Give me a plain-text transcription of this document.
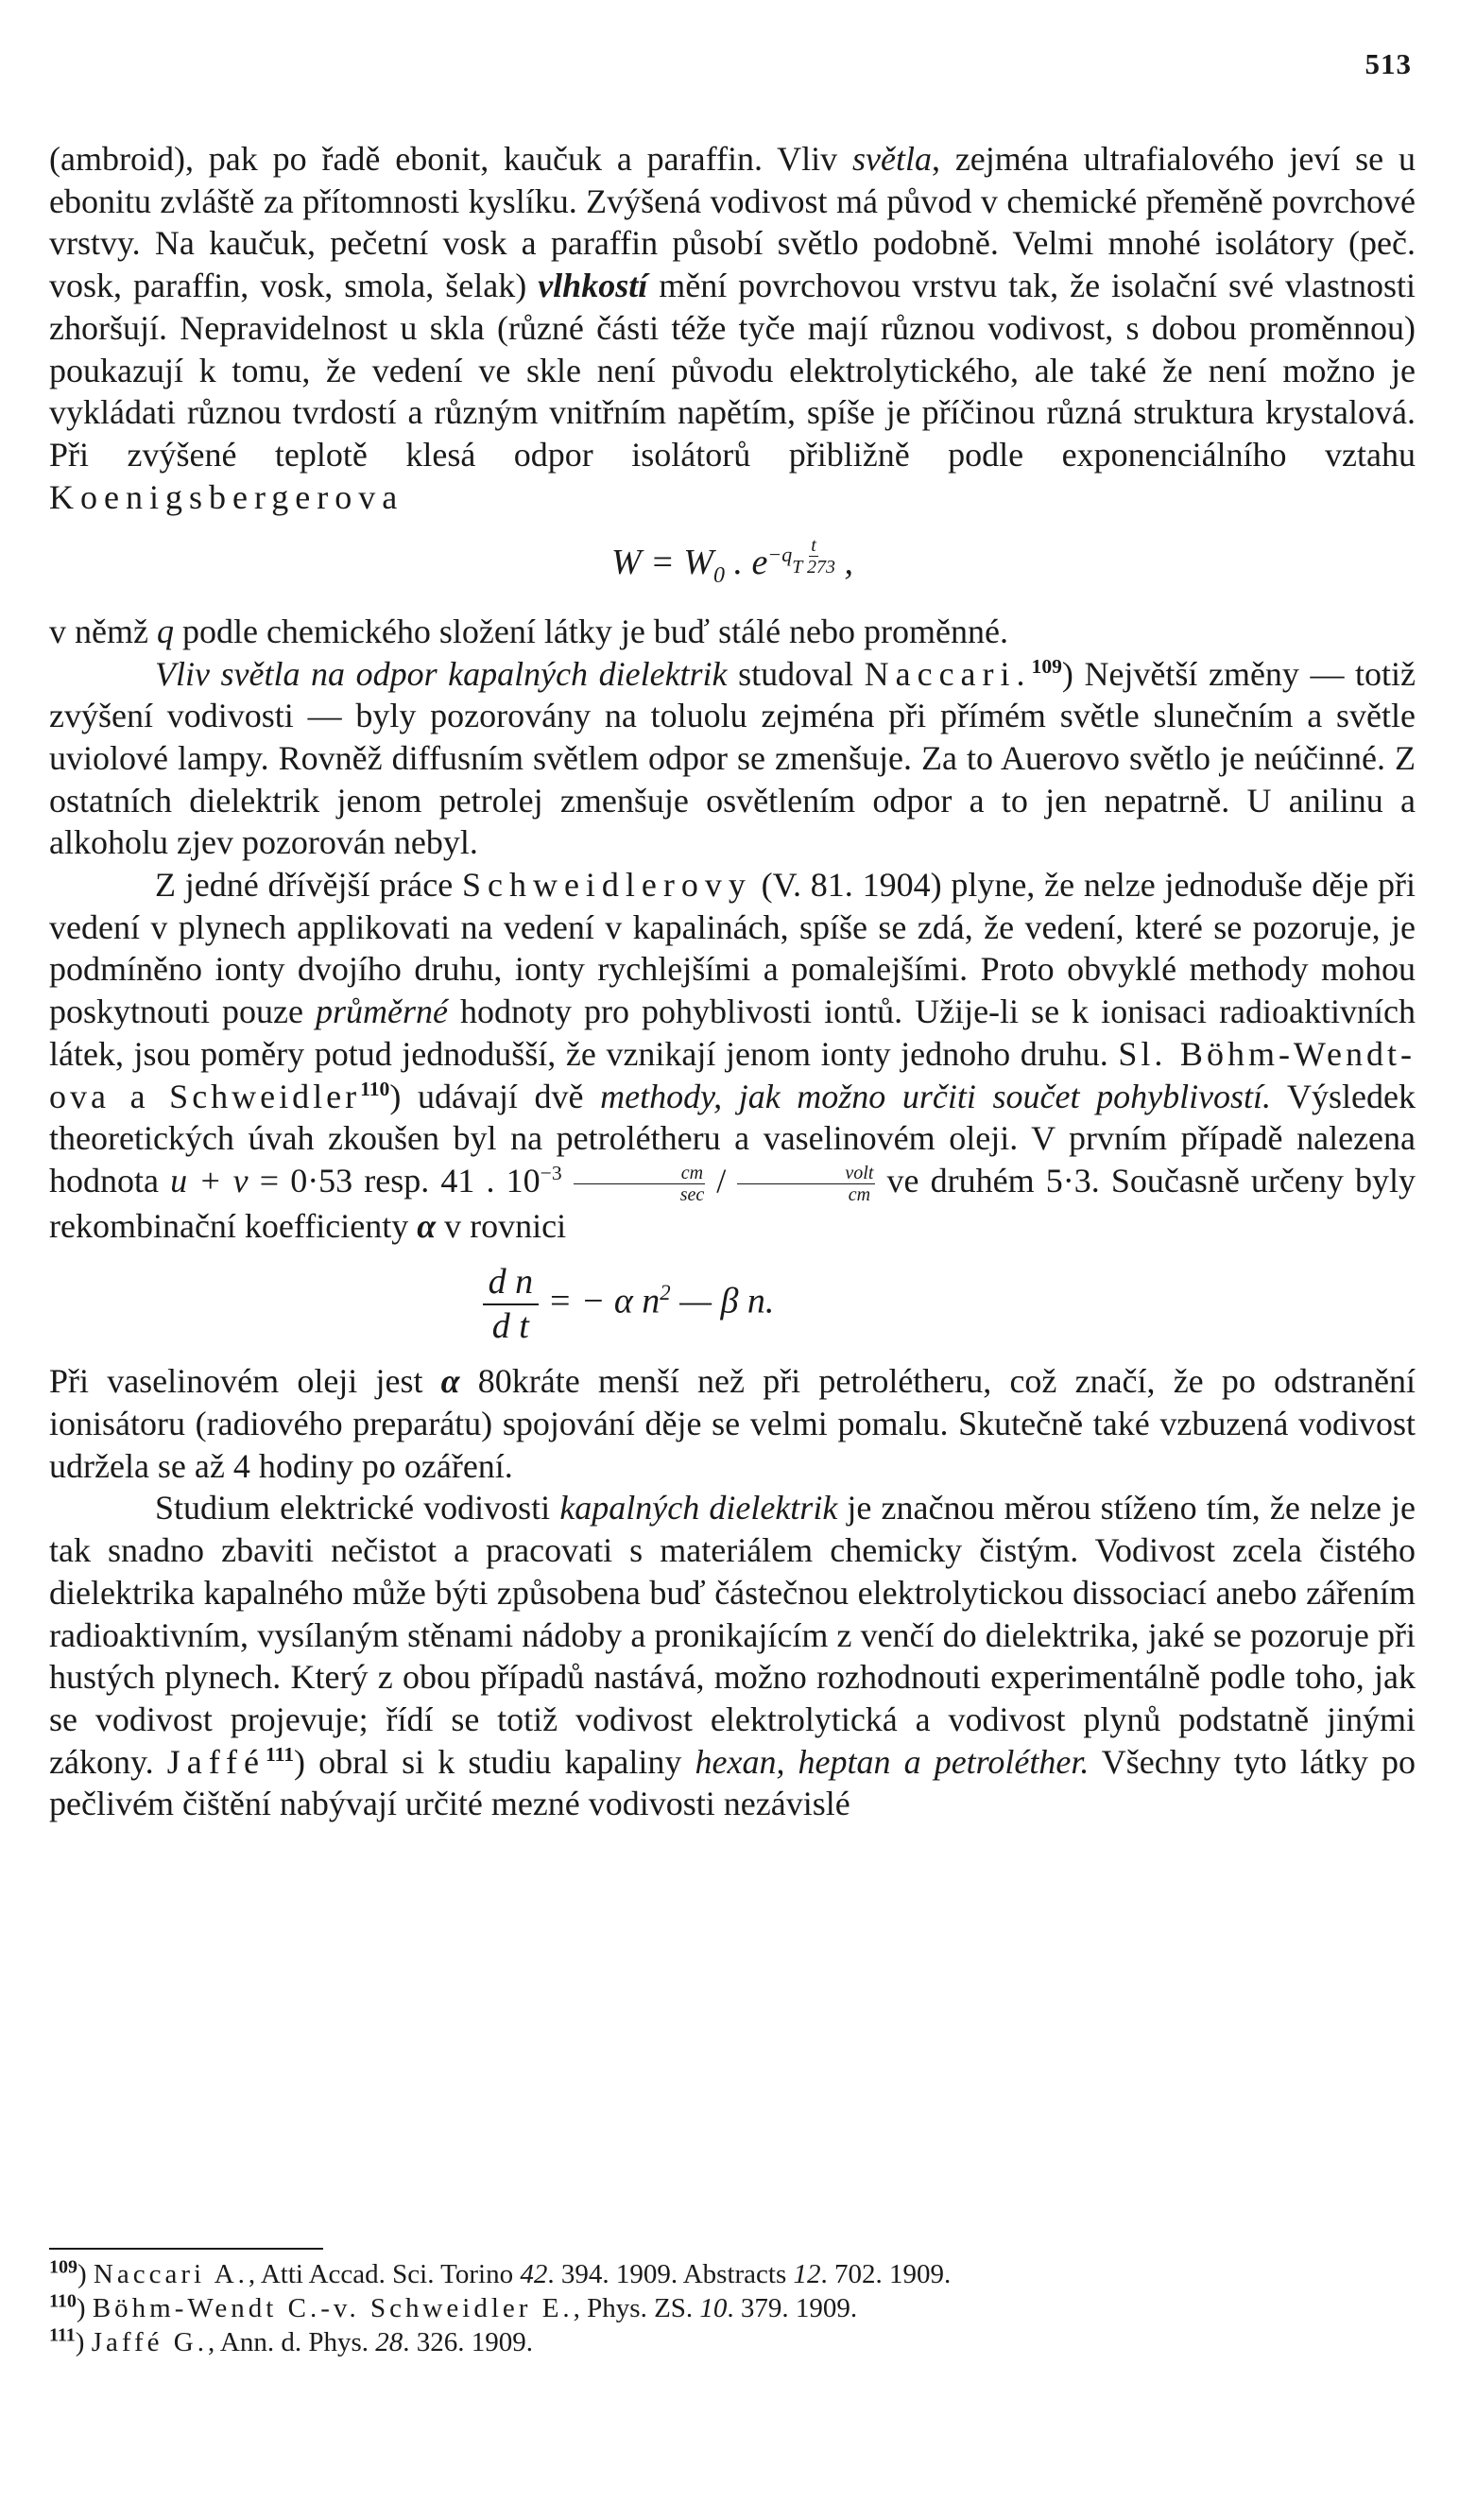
513

(ambroid), pak po řadě ebonit, kaučuk a paraffin. Vliv světla, zejména ultrafialového jeví se u ebonitu zvláště za přítomnosti kyslíku. Zvýšená vodivost má původ v chemické přeměně povrchové vrstvy. Na kaučuk, pečetní vosk a paraffin působí světlo podobně. Velmi mnohé isolátory (peč. vosk, paraffin, vosk, smola, šelak) vlhkostí mění povrchovou vrstvu tak, že isolační své vlastnosti zhoršují. Nepravidelnost u skla (různé části téže tyče mají různou vodivost, s dobou proměnnou) poukazují k tomu, že vedení ve skle není původu elektrolytického, ale také že není možno je vykládati různou tvrdostí a různým vnitřním napětím, spíše je příčinou různá struktura krystalová. Při zvýšené teplotě klesá odpor isolátorů přibližně podle exponenciálního vztahu Koenigsbergerova

$W = W_0$ . $e^{-q \frac{t}{T 273}}$ ,

v němž q podle chemického složení látky je buď stálé nebo proměnné.

Vliv světla na odpor kapalných dielektrik studoval Naccari.$^{109}$) Největší změny — totiž zvýšení vodivosti — byly pozorovány na toluolu zejména při přímém světle slunečním a světle uviolové lampy. Rovněž diffusním světlem odpor se zmenšuje. Za to Auerovo světlo je neúčinné. Z ostatních dielektrik jenom petrolej zmenšuje osvětlením odpor a to jen nepatrně. U anilinu a alkoholu zjev pozorován nebyl.

Z jedné dřívější práce Schweidlerovy (V. 81. 1904) plyne, že nelze jednoduše děje při vedení v plynech applikovati na vedení v kapalinách, spíše se zdá, že vedení, které se pozoruje, je podmíněno ionty dvojího druhu, ionty rychlejšími a pomalejšími. Proto obvyklé methody mohou poskytnouti pouze průměrné hodnoty pro pohyblivosti iontů. Užije-li se k ionisaci radioaktivních látek, jsou poměry potud jednodušší, že vznikají jenom ionty jednoho druhu. Sl. Böhm-Wendt-ova a Schweidler$^{110}$) udávají dvě methody, jak možno určiti součet pohyblivostí. Výsledek theoretických úvah zkoušen byl na petrolétheru a vaselinovém oleji. V prvním případě nalezena hodnota u + v = 0·53 resp. 41 . $10^{-3} \frac{cm}{\sec} / \frac{\text{volt}}{cm}$ ve druhém 5·3. Současně určeny byly rekombinační koefficienty α v rovnici

$\frac{\text{d n}}{\text{d t}}$ = − α $n^2$ — β n.

Při vaselinovém oleji jest α 80kráte menší než při petrolétheru, což značí, že po odstranění ionisátoru (radiového preparátu) spojování děje se velmi pomalu. Skutečně také vzbuzená vodivost udržela se až 4 hodiny po ozáření.

Studium elektrické vodivosti kapalných dielektrik je značnou měrou stíženo tím, že nelze je tak snadno zbaviti nečistot a pracovati s materiálem chemicky čistým. Vodivost zcela čistého dielektrika kapalného může býti způsobena buď částečnou elektrolytickou dissociací anebo zářením radioaktivním, vysílaným stěnami nádoby a pronikajícím z venčí do dielektrika, jaké se pozoruje při hustých plynech. Který z obou případů nastává, možno rozhodnouti experimentálně podle toho, jak se vodivost projevuje; řídí se totiž vodivost elektrolytická a vodivost plynů podstatně jinými zákony. Jaffé$^{111}$) obral si k studiu kapaliny hexan, heptan a petroléther. Všechny tyto látky po pečlivém čištění nabývají určité mezné vodivosti nezávislé

$^{109}$) Naccari A., Atti Accad. Sci. Torino 42. 394. 1909. Abstracts 12. 702. 1909.

$^{110}$) Böhm-Wendt C.-v. Schweidler E., Phys. ZS. 10. 379. 1909.

$^{111}$) Jaffé G., Ann. d. Phys. 28. 326. 1909.
